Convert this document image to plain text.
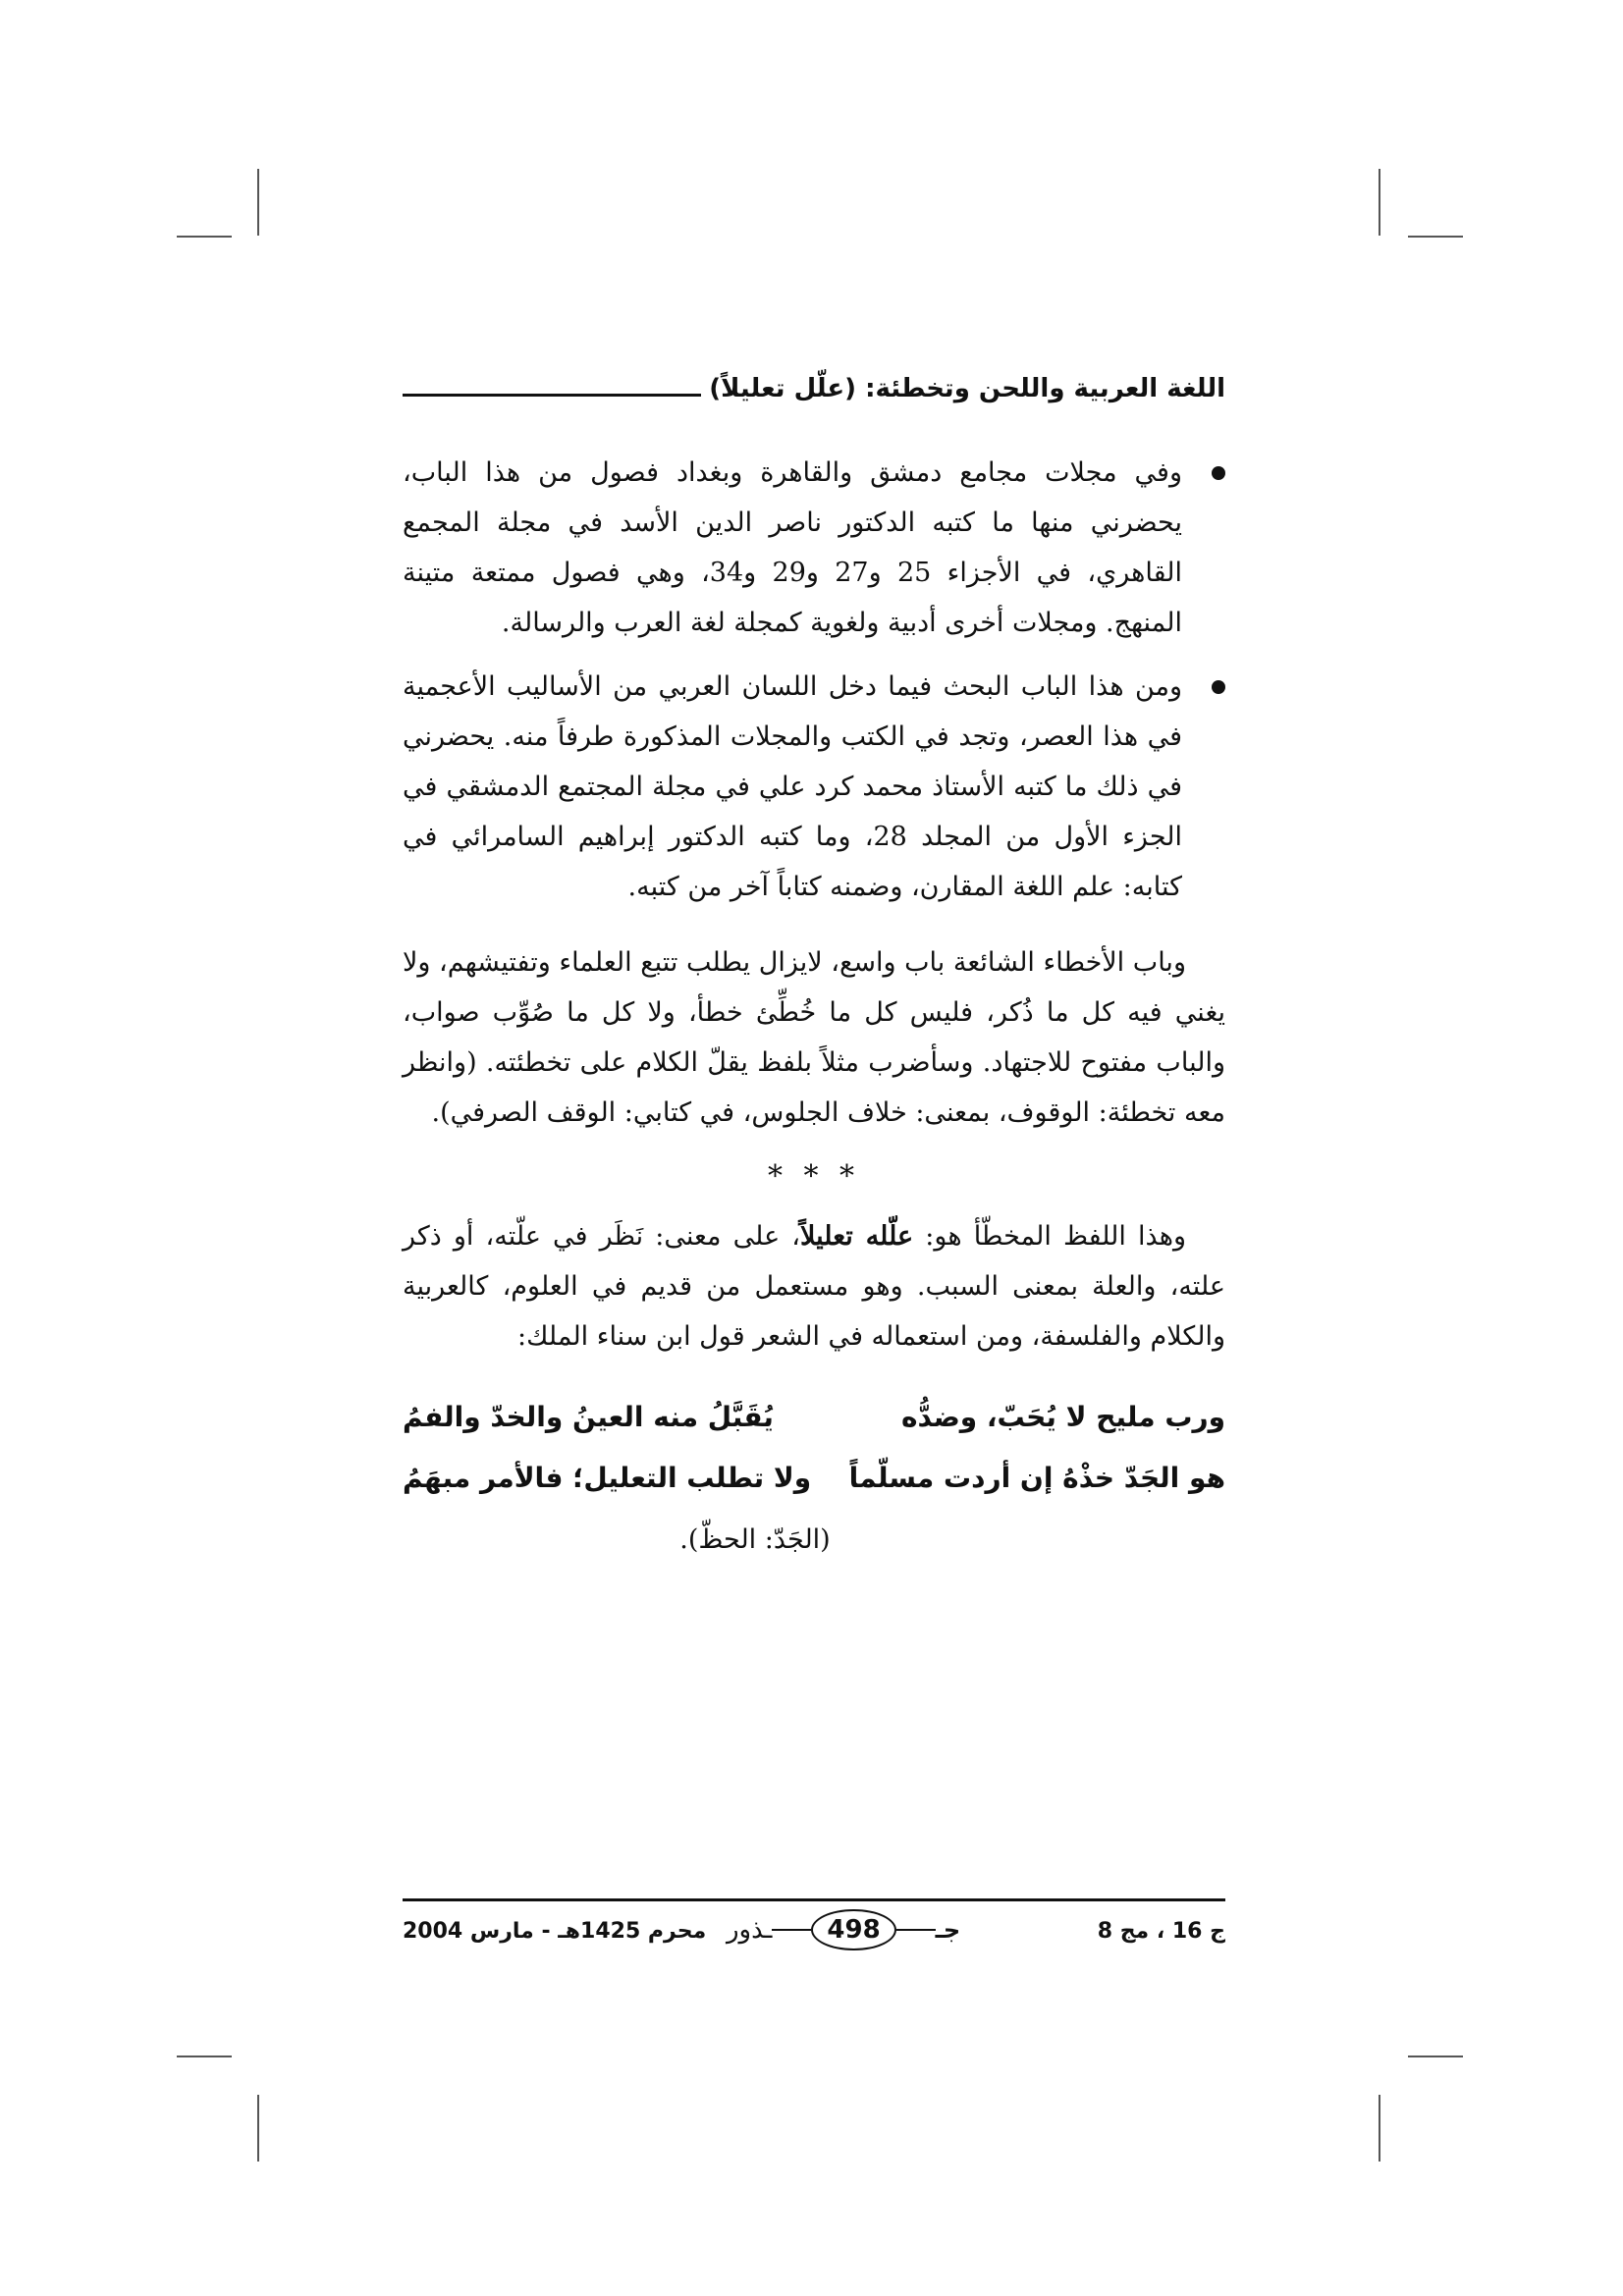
اللغة العربية واللحن وتخطئة: (علّل تعليلاً)
وفي مجلات مجامع دمشق والقاهرة وبغداد فصول من هذا الباب، يحضرني منها ما كتبه الدكتور ناصر الدين الأسد في مجلة المجمع القاهري، في الأجزاء 25 و27 و29 و34، وهي فصول ممتعة متينة المنهج. ومجلات أخرى أدبية ولغوية كمجلة لغة العرب والرسالة.
ومن هذا الباب البحث فيما دخل اللسان العربي من الأساليب الأعجمية في هذا العصر، وتجد في الكتب والمجلات المذكورة طرفاً منه. يحضرني في ذلك ما كتبه الأستاذ محمد كرد علي في مجلة المجتمع الدمشقي في الجزء الأول من المجلد 28، وما كتبه الدكتور إبراهيم السامرائي في كتابه: علم اللغة المقارن، وضمنه كتاباً آخر من كتبه.

وباب الأخطاء الشائعة باب واسع، لايزال يطلب تتبع العلماء وتفتيشهم، ولا يغني فيه كل ما ذُكر، فليس كل ما خُطِّئ خطأ، ولا كل ما صُوِّب صواب، والباب مفتوح للاجتهاد. وسأضرب مثلاً بلفظ يقلّ الكلام على تخطئته. (وانظر معه تخطئة: الوقوف، بمعنى: خلاف الجلوس، في كتابي: الوقف الصرفي).

* * *

وهذا اللفظ المخطّأ هو: علّله تعليلاً، على معنى: نَظَر في علّته، أو ذكر علته، والعلة بمعنى السبب. وهو مستعمل من قديم في العلوم، كالعربية والكلام والفلسفة، ومن استعماله في الشعر قول ابن سناء الملك:

ورب مليح لا يُحَبّ، وضدُّه
يُقَبَّلُ منه العينُ والخدّ والفمُ
هو الجَدّ خذْهُ إن أردت مسلّماً
ولا تطلب التعليل؛ فالأمر مبهَمُ
(الجَدّ: الحظّ).
ج 16 ، مج 8
جـ
498
ـذور
محرم 1425هـ - مارس 2004
